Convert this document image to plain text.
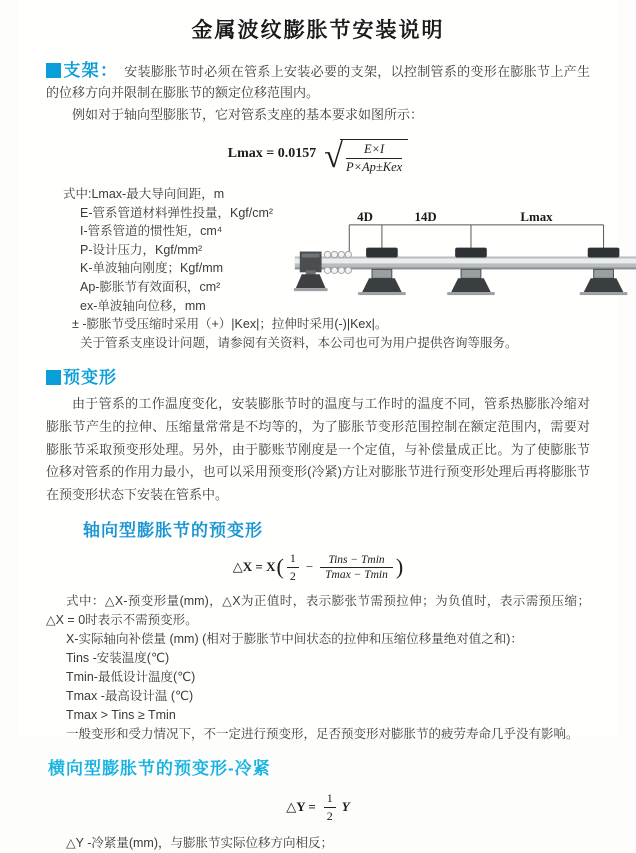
金属波纹膨胀节安装说明

支架： 安装膨胀节时必须在管系上安装必要的支架，以控制管系的变形在膨胀节上产生的位移方向并限制在膨胀节的额定位移范围内。

例如对于轴向型膨胀节，它对管系支座的基本要求如图所示：

Lmax = 0.0157 √	E×I
P×Ap±Kex
式中:Lmax-最大导向间距，m
E-管系管道材料弹性投量，Kgf/cm²
I-管系管道的惯性矩，cm⁴
P-设计压力，Kgf/mm²
K-单波轴向刚度；Kgf/mm
Ap-膨胀节有效面积，cm²
ex-单波轴向位移，mm
± -膨胀节受压缩时采用（+）|Kex|；拉伸时采用(-)|Kex|。
关于管系支座设计问题，请参阅有关资料，本公司也可为用户提供咨询等服务。
4D	14D	Lmax
预变形

由于管系的工作温度变化，安装膨胀节时的温度与工作时的温度不同，管系热膨胀冷缩对膨胀节产生的拉伸、压缩量常常是不均等的，为了膨胀节变形范围控制在额定范围内，需要对膨胀节采取预变形处理。另外，由于膨账节刚度是一个定值，与补偿量成正比。为了使膨胀节位移对管系的作用力最小，也可以采用预变形(冷紧)方让对膨胀节进行预变形处理后再将膨胀节在预变形状态下安装在管系中。

轴向型膨胀节的预变形
△X = X ( $\frac{1}{2} - \frac{\text{Tins − Tmin}}{Tmax - Tmin}$ )

式中：△X-预变形量(mm)，△X为正值时，表示膨张节需预拉伸；为负值时，表示需预压缩；△X = 0时表示不需预变形。

X-实际轴向补偿量 (mm) (相对于膨胀节中间状态的拉伸和压缩位移量绝对值之和)：

Tins -安装温度(℃)

Tmin-最低设计温度(℃)

Tmax -最高设计温 (℃)

Tmax > Tins ≥ Tmin

一般变形和受力情况下，不一定进行预变形，足否预变形对膨胀节的疲劳寿命几乎没有影响。

横向型膨胀节的预变形-冷紧
△Y = $\frac{1}{2}$ Y

△Y -冷紧量(mm)，与膨胀节实际位移方向相反；
